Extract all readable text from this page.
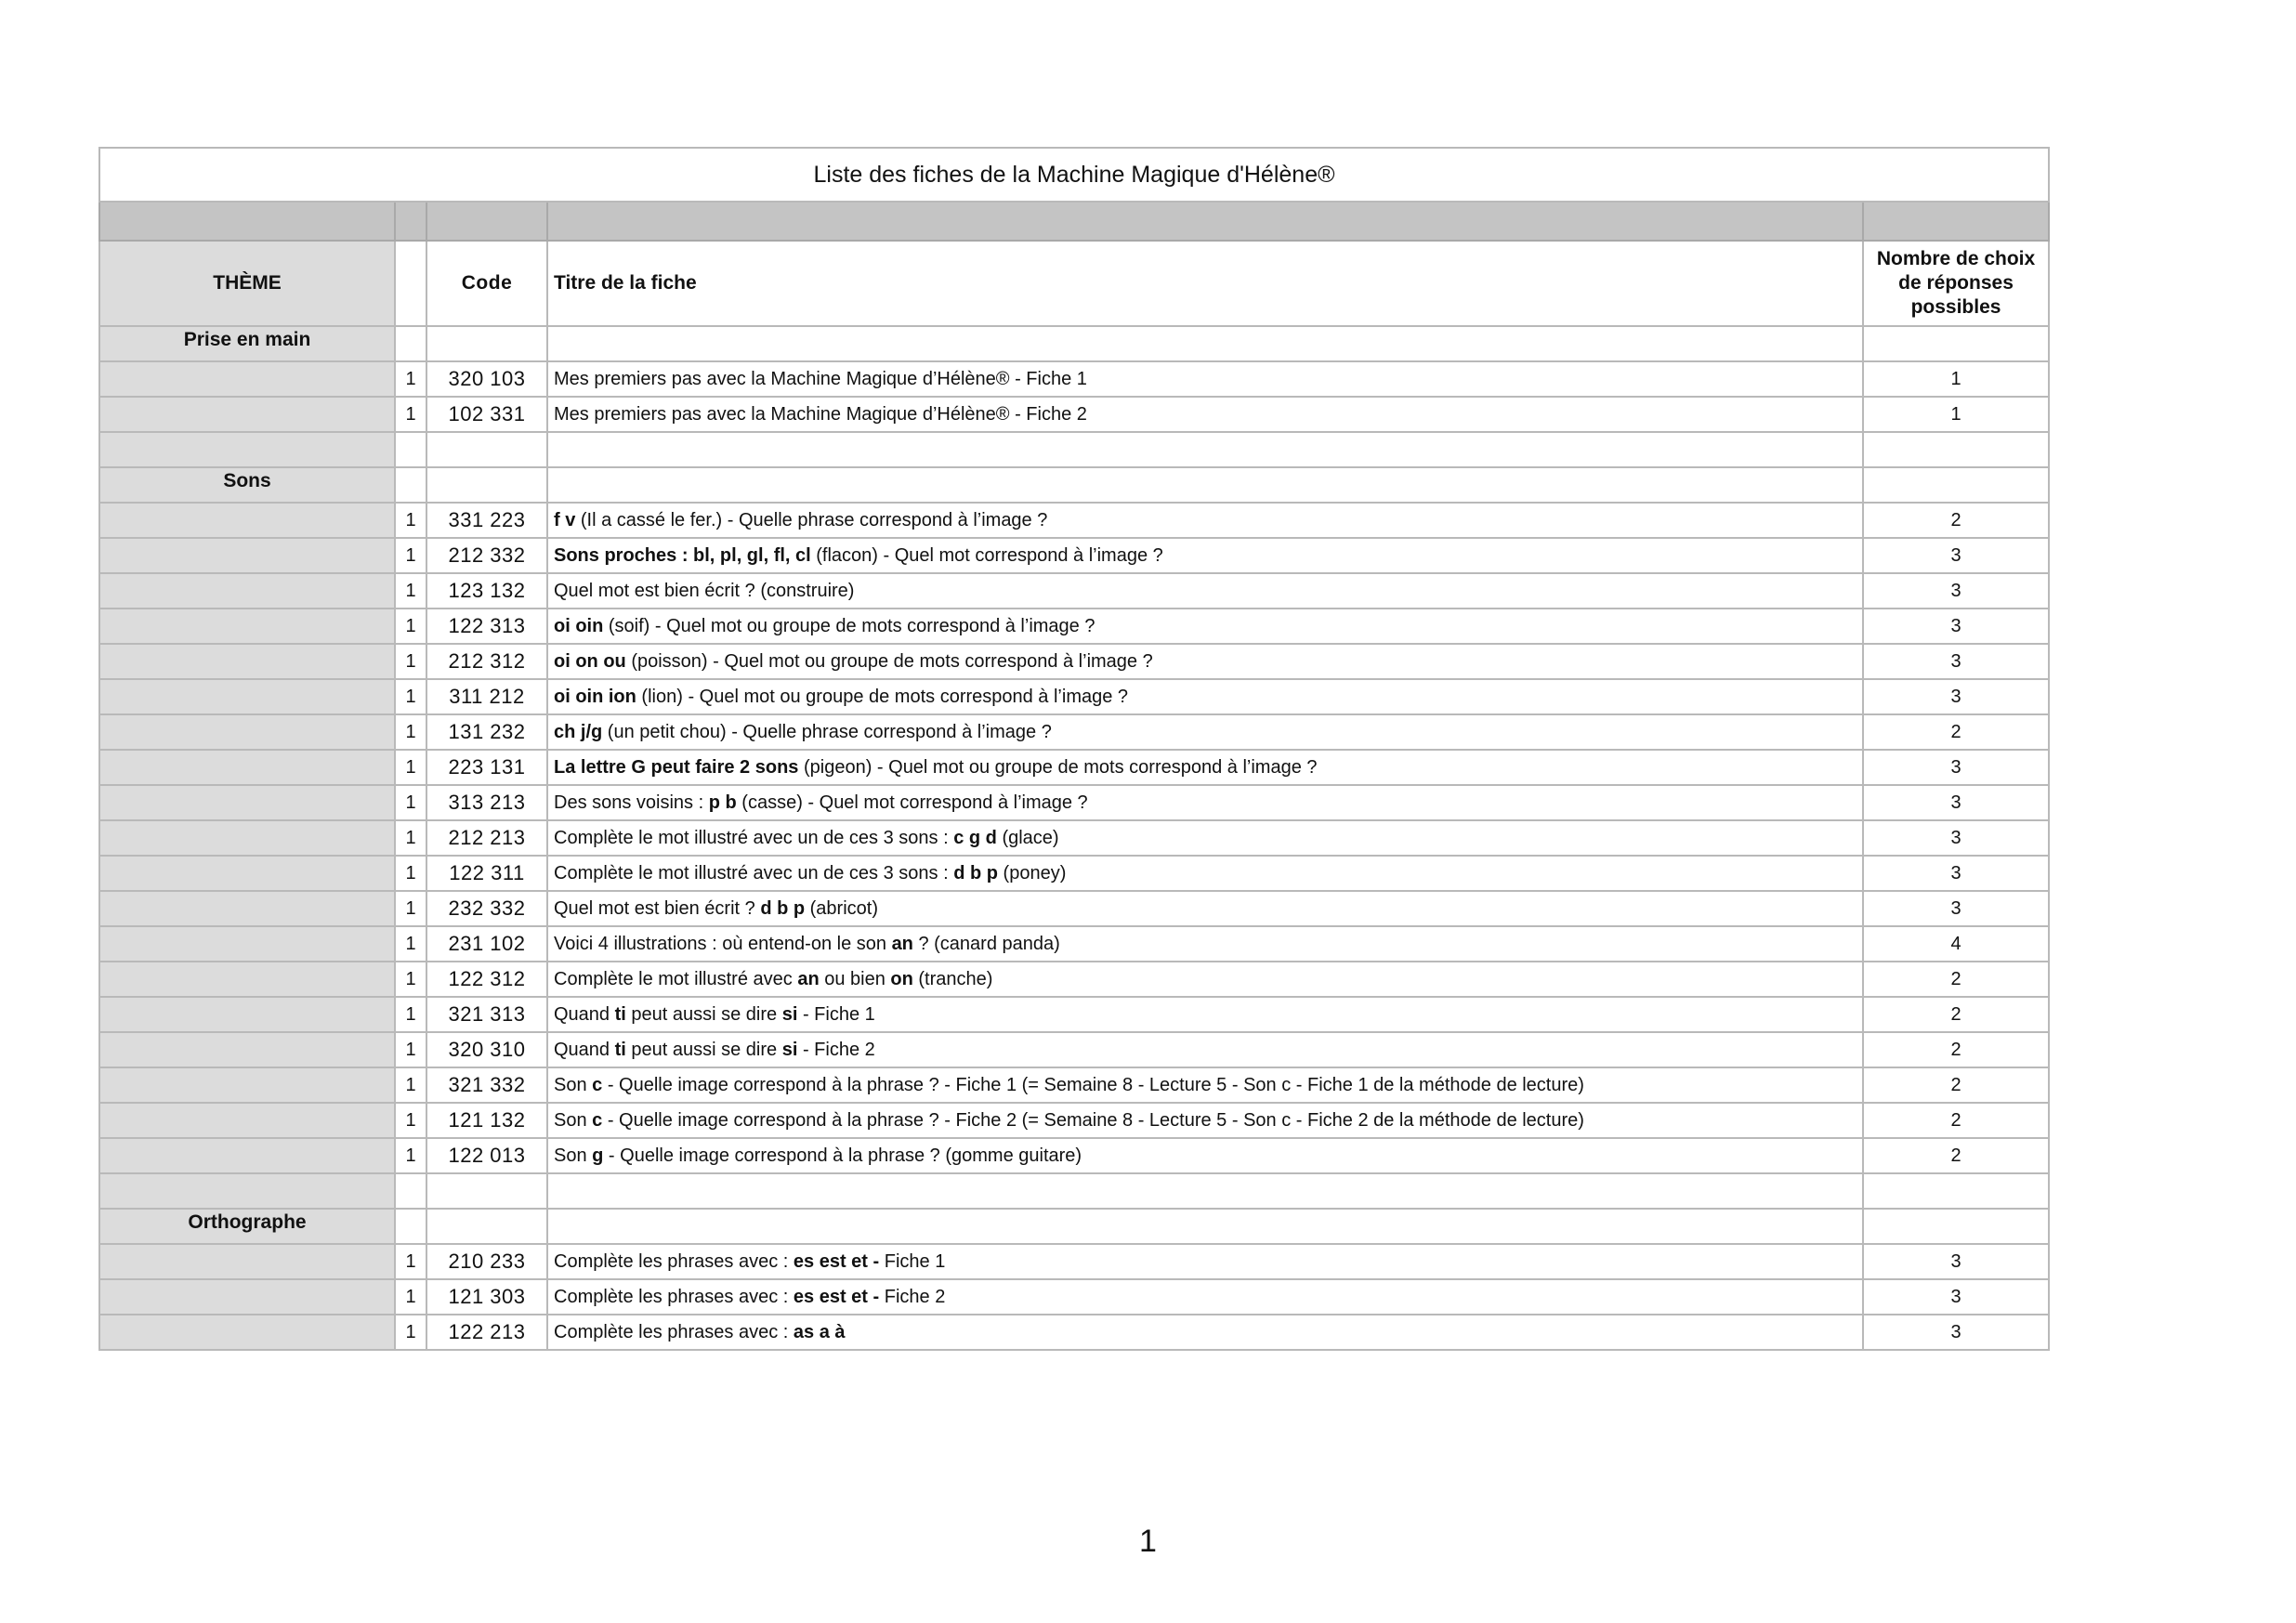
Liste des fiches de la Machine Magique d'Hélène®				

THÈME		Code	Titre de la fiche	Nombre de choix de réponses possibles

Prise en main				

	1	320 103	Mes premiers pas avec la Machine Magique d’Hélène® - Fiche 1	1
	1	102 331	Mes premiers pas avec la Machine Magique d’Hélène® - Fiche 2	1

Sons				

	1	331 223	f v (Il a cassé le fer.) - Quelle phrase correspond à l’image ?	2
	1	212 332	Sons proches : bl, pl, gl, fl, cl (flacon) - Quel mot correspond à l’image ?	3
	1	123 132	Quel mot est bien écrit ? (construire)	3
	1	122 313	oi oin (soif) - Quel mot ou groupe de mots correspond à l’image ?	3
	1	212 312	oi on ou (poisson) - Quel mot ou groupe de mots correspond à l’image ?	3
	1	311 212	oi oin ion (lion) - Quel mot ou groupe de mots correspond à l’image ?	3
	1	131 232	ch j/g (un petit chou) - Quelle phrase correspond à l’image ?	2
	1	223 131	La lettre G peut faire 2 sons (pigeon) - Quel mot ou groupe de mots correspond à l’image ?	3
	1	313 213	Des sons voisins : p b (casse) - Quel mot correspond à l’image ?	3
	1	212 213	Complète le mot illustré avec un de ces 3 sons : c g d (glace)	3
	1	122 311	Complète le mot illustré avec un de ces 3 sons : d b p (poney)	3
	1	232 332	Quel mot est bien écrit ? d b p (abricot)	3
	1	231 102	Voici 4 illustrations : où entend-on le son an ? (canard panda)	4
	1	122 312	Complète le mot illustré avec an ou bien on (tranche)	2
	1	321 313	Quand ti peut aussi se dire si - Fiche 1	2
	1	320 310	Quand ti peut aussi se dire si - Fiche 2	2
	1	321 332	Son c - Quelle image correspond à la phrase ? - Fiche 1 (= Semaine 8 - Lecture 5 - Son c - Fiche 1 de la méthode de lecture)	2
	1	121 132	Son c - Quelle image correspond à la phrase ? - Fiche 2 (= Semaine 8 - Lecture 5 - Son c - Fiche 2 de la méthode de lecture)	2
	1	122 013	Son g - Quelle image correspond à la phrase ? (gomme guitare)	2

Orthographe				

	1	210 233	Complète les phrases avec : es est et - Fiche 1	3
	1	121 303	Complète les phrases avec : es est et - Fiche 2	3
	1	122 213	Complète les phrases avec : as a à	3
1
